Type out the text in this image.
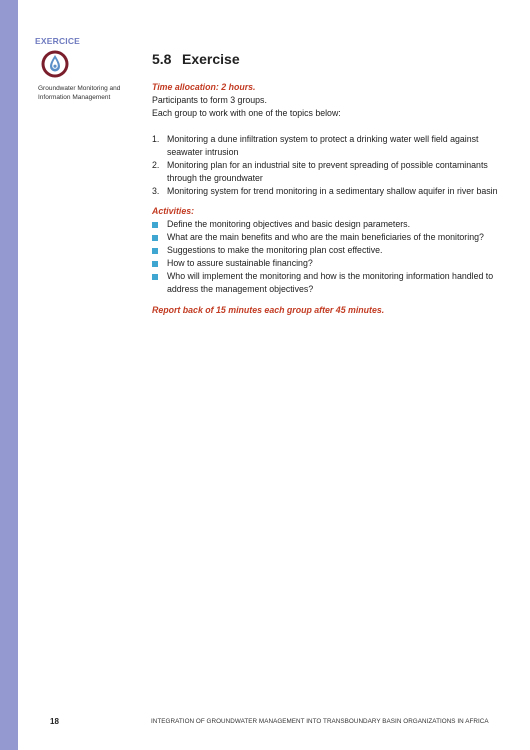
EXERCICE
Groundwater Monitoring and Information Management
5.8 Exercise

Time allocation: 2 hours.

Participants to form 3 groups.

Each group to work with one of the topics below:

1. Monitoring a dune infiltration system to protect a drinking water well field against seawater intrusion
2. Monitoring plan for an industrial site to prevent spreading of possible contaminants through the groundwater
3. Monitoring system for trend monitoring in a sedimentary shallow aquifer in river basin

Activities:

Define the monitoring objectives and basic design parameters.
What are the main benefits and who are the main beneficiaries of the monitoring?
Suggestions to make the monitoring plan cost effective.
How to assure sustainable financing?
Who will implement the monitoring and how is the monitoring information handled to address the management objectives?

Report back of 15 minutes each group after 45 minutes.

18	INTEGRATION OF GROUNDWATER MANAGEMENT INTO TRANSBOUNDARY BASIN ORGANIZATIONS IN AFRICA
